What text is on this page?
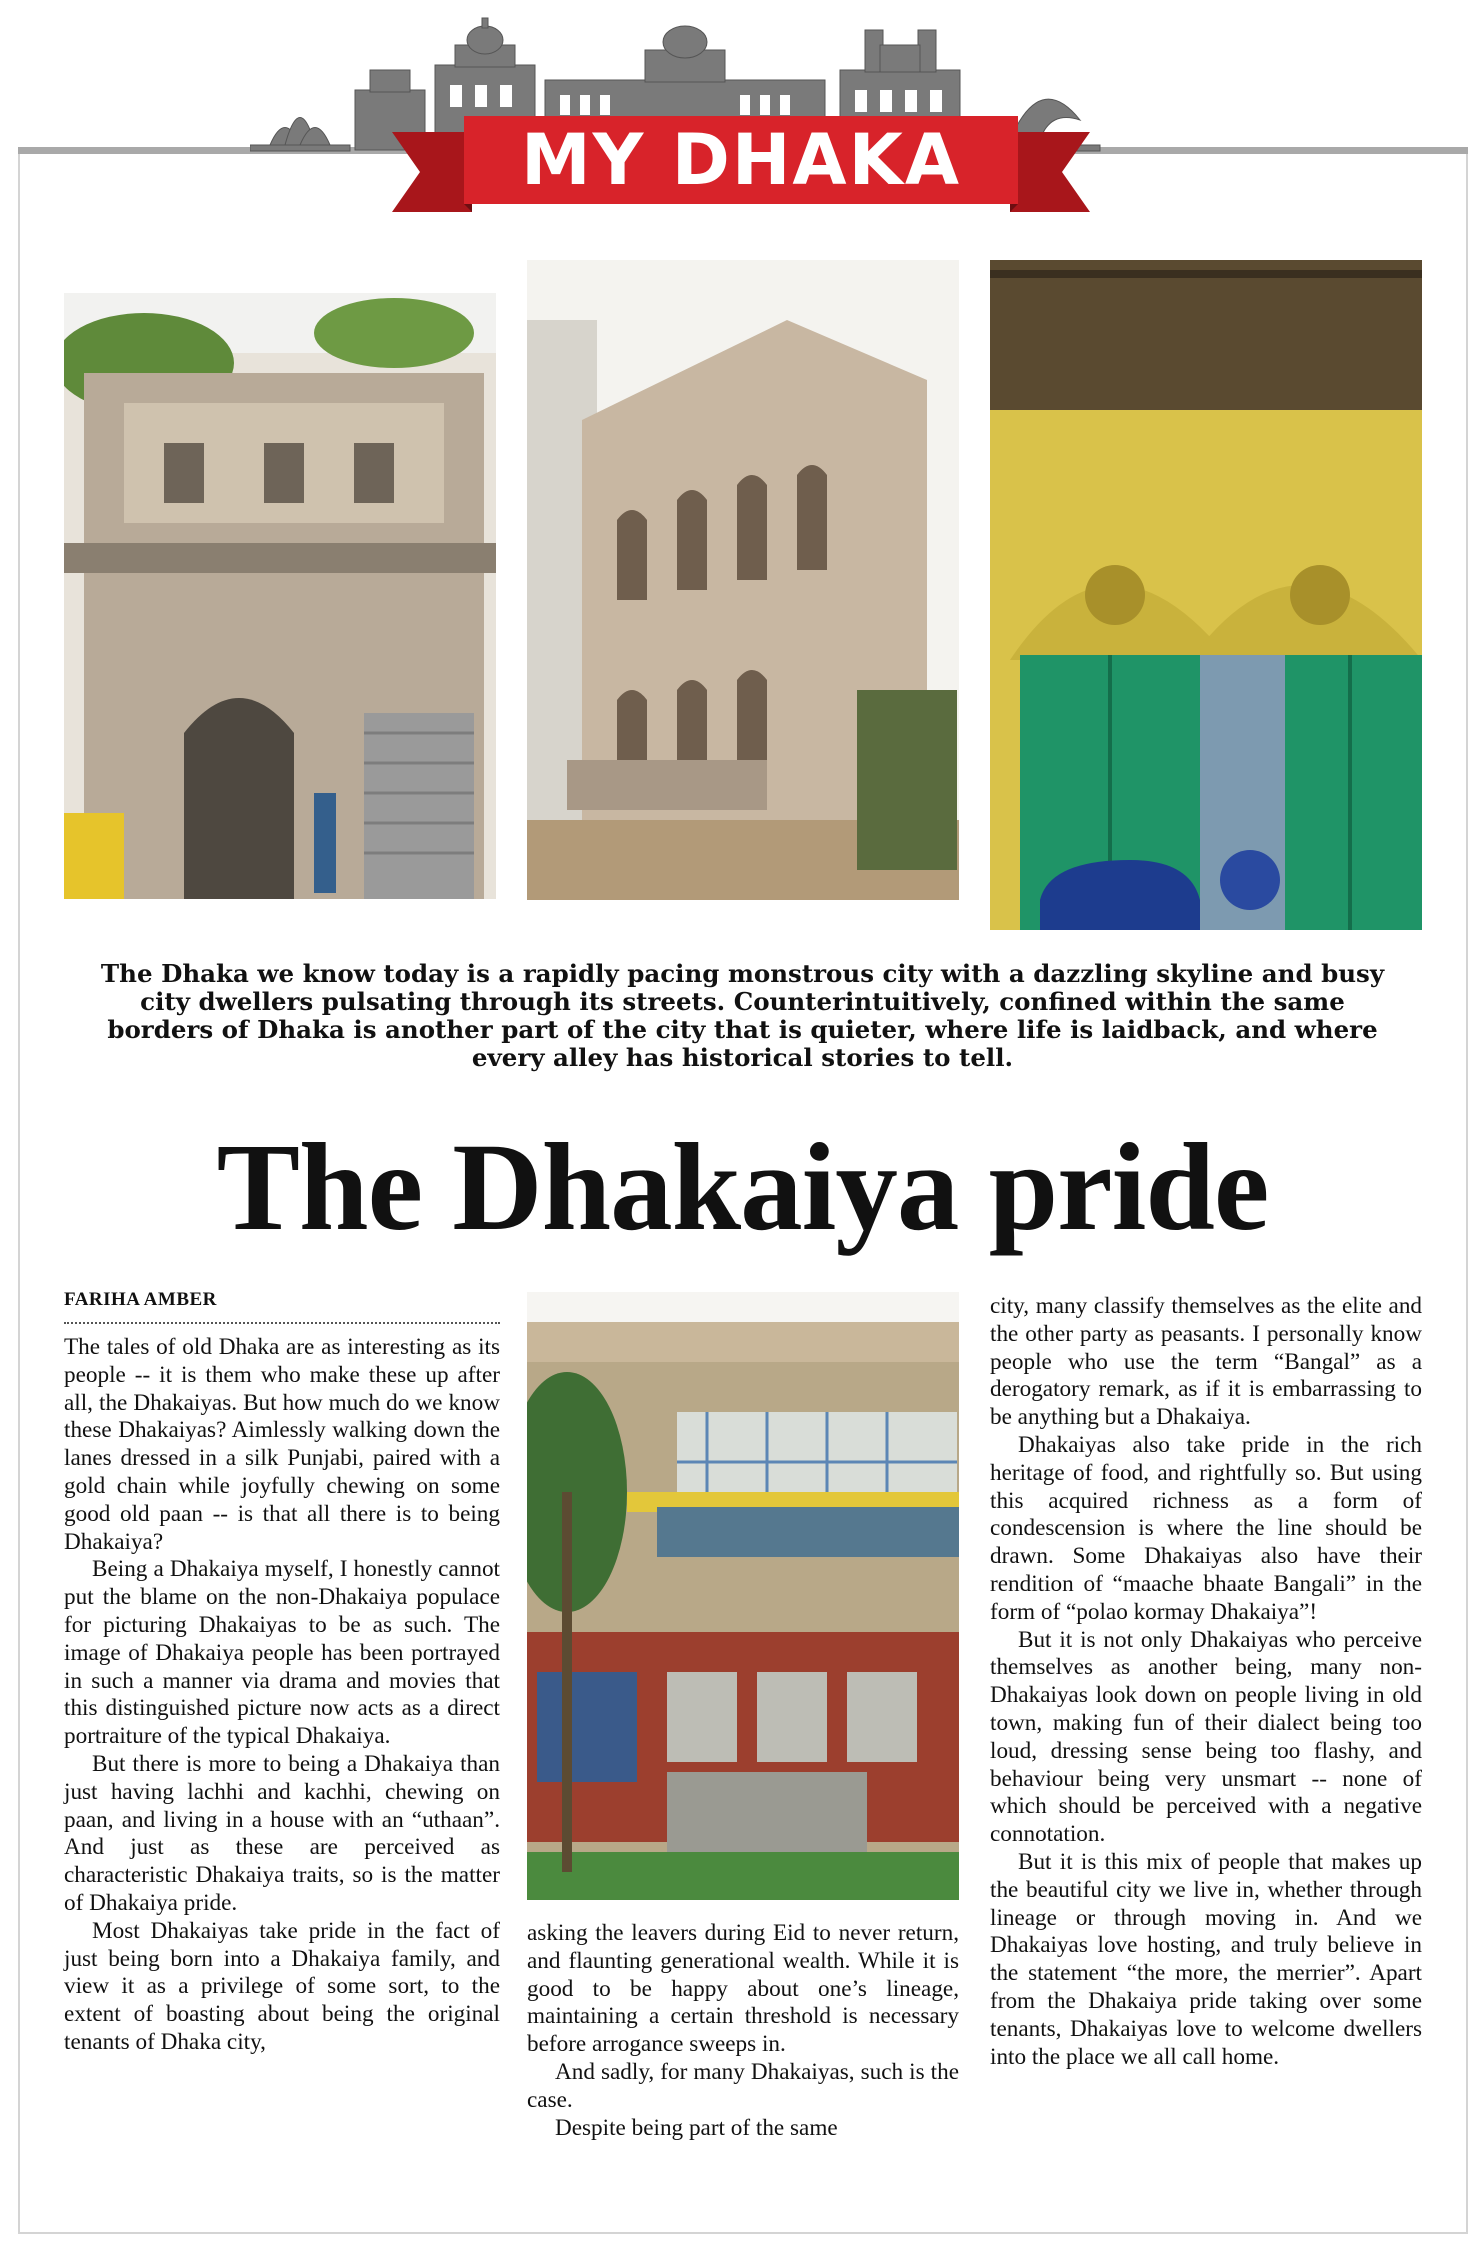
MY DHAKA
The Dhaka we know today is a rapidly pacing monstrous city with a dazzling skyline and busy city dwellers pulsating through its streets. Counterintuitively, confined within the same borders of Dhaka is another part of the city that is quieter, where life is laidback, and where every alley has historical stories to tell.
The Dhakaiya pride
FARIHA AMBER

The tales of old Dhaka are as interesting as its people -- it is them who make these up after all, the Dhakaiyas. But how much do we know these Dhakaiyas? Aimlessly walking down the lanes dressed in a silk Punjabi, paired with a gold chain while joyfully chewing on some good old paan -- is that all there is to being Dhakaiya?

Being a Dhakaiya myself, I honestly cannot put the blame on the non-Dhakaiya populace for picturing Dhakaiyas to be as such. The image of Dhakaiya people has been portrayed in such a manner via drama and movies that this distinguished picture now acts as a direct portraiture of the typical Dhakaiya.

But there is more to being a Dhakaiya than just having lachhi and kachhi, chewing on paan, and living in a house with an “uthaan”. And just as these are perceived as characteristic Dhakaiya traits, so is the matter of Dhakaiya pride.

Most Dhakaiyas take pride in the fact of just being born into a Dhakaiya family, and view it as a privilege of some sort, to the extent of boasting about being the original tenants of Dhaka city,

asking the leavers during Eid to never return, and flaunting generational wealth. While it is good to be happy about one’s lineage, maintaining a certain threshold is necessary before arrogance sweeps in.

And sadly, for many Dhakaiyas, such is the case.

Despite being part of the same

city, many classify themselves as the elite and the other party as peasants. I personally know people who use the term “Bangal” as a derogatory remark, as if it is embarrassing to be anything but a Dhakaiya.

Dhakaiyas also take pride in the rich heritage of food, and rightfully so. But using this acquired richness as a form of condescension is where the line should be drawn. Some Dhakaiyas also have their rendition of “maache bhaate Bangali” in the form of “polao kormay Dhakaiya”!

But it is not only Dhakaiyas who perceive themselves as another being, many non-Dhakaiyas look down on people living in old town, making fun of their dialect being too loud, dressing sense being too flashy, and behaviour being very unsmart -- none of which should be perceived with a negative connotation.

But it is this mix of people that makes up the beautiful city we live in, whether through lineage or through moving in. And we Dhakaiyas love hosting, and truly believe in the statement “the more, the merrier”. Apart from the Dhakaiya pride taking over some tenants, Dhakaiyas love to welcome dwellers into the place we all call home.
